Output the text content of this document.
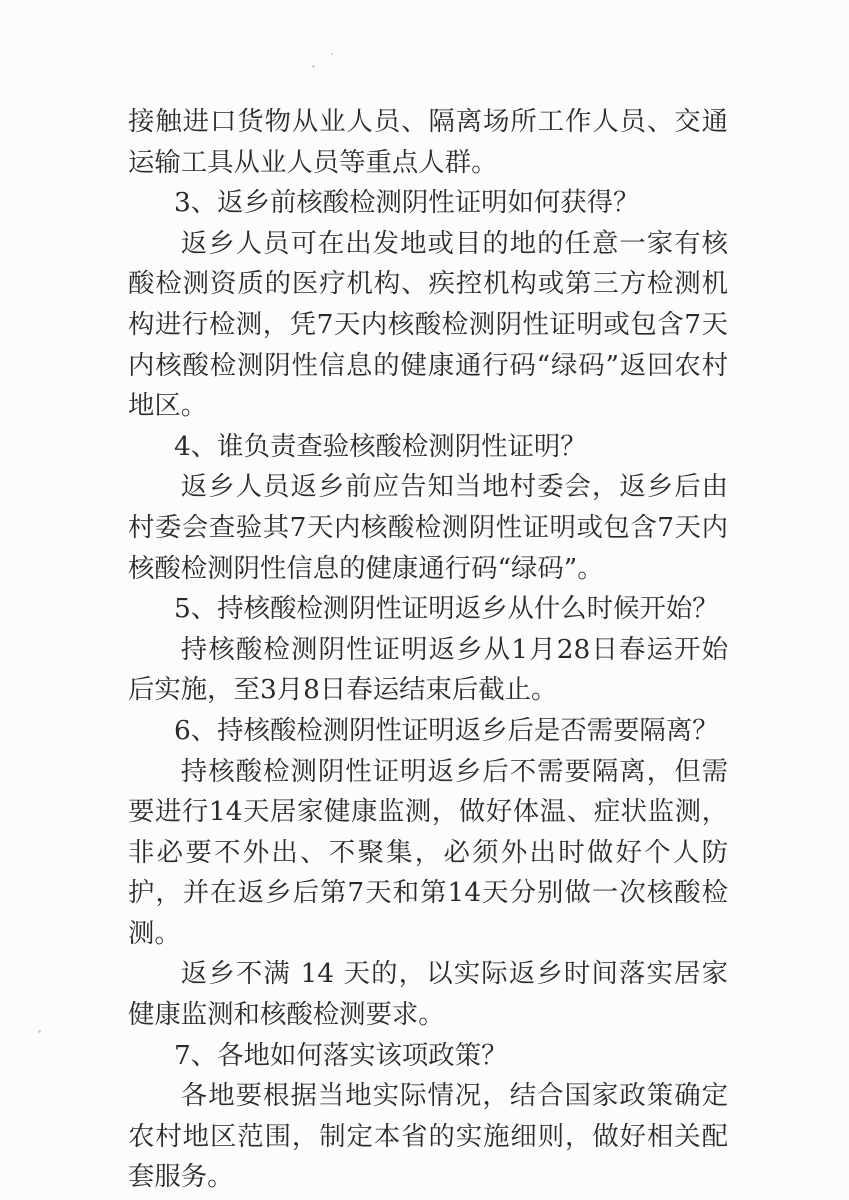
接触进口货物从业人员、隔离场所工作人员、交通运输工具从业人员等重点人群。

3、返乡前核酸检测阴性证明如何获得？

返乡人员可在出发地或目的地的任意一家有核酸检测资质的医疗机构、疾控机构或第三方检测机构进行检测，凭7天内核酸检测阴性证明或包含7天内核酸检测阴性信息的健康通行码“绿码”返回农村地区。

4、谁负责查验核酸检测阴性证明？

返乡人员返乡前应告知当地村委会，返乡后由村委会查验其7天内核酸检测阴性证明或包含7天内核酸检测阴性信息的健康通行码“绿码”。

5、持核酸检测阴性证明返乡从什么时候开始？

持核酸检测阴性证明返乡从1月28日春运开始后实施，至3月8日春运结束后截止。

6、持核酸检测阴性证明返乡后是否需要隔离？

持核酸检测阴性证明返乡后不需要隔离，但需要进行14天居家健康监测，做好体温、症状监测，非必要不外出、不聚集，必须外出时做好个人防护，并在返乡后第7天和第14天分别做一次核酸检测。

返乡不满 14 天的，以实际返乡时间落实居家健康监测和核酸检测要求。

7、各地如何落实该项政策？

各地要根据当地实际情况，结合国家政策确定农村地区范围，制定本省的实施细则，做好相关配套服务。
